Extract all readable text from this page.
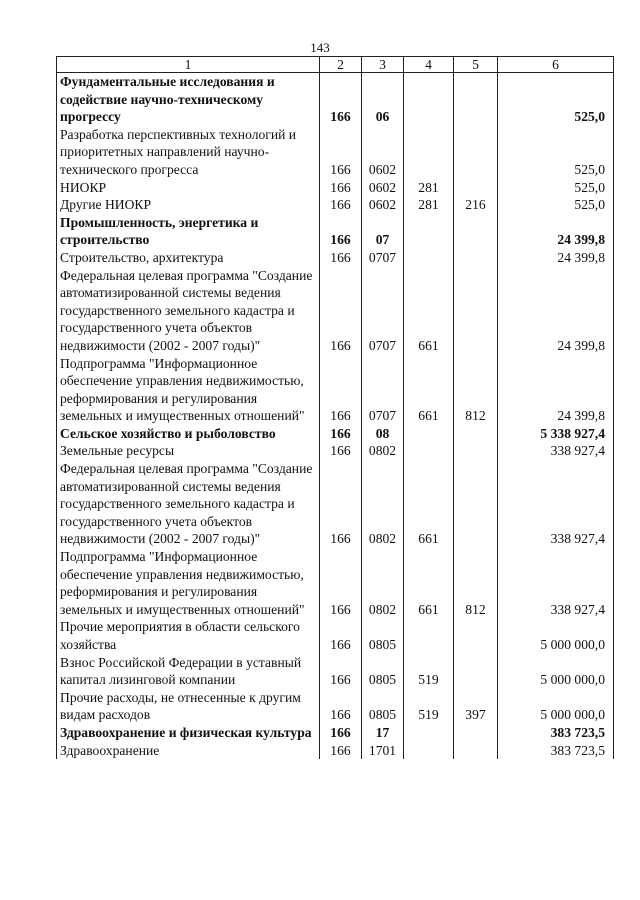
143
1	2	3	4	5	6
Фундаментальные исследования и содействие научно-техническому прогрессу	166	06			525,0
Разработка перспективных технологий и приоритетных направлений научно-технического прогресса	166	0602			525,0
НИОКР	166	0602	281		525,0
Другие НИОКР	166	0602	281	216	525,0
Промышленность, энергетика и строительство	166	07			24 399,8
Строительство, архитектура	166	0707			24 399,8
Федеральная целевая программа "Создание автоматизированной системы ведения государственного земельного кадастра и государственного учета объектов недвижимости (2002 - 2007 годы)"	166	0707	661		24 399,8
Подпрограмма "Информационное обеспечение управления недвижимостью, реформирования и регулирования земельных и имущественных отношений"	166	0707	661	812	24 399,8
Сельское хозяйство и рыболовство	166	08			5 338 927,4
Земельные ресурсы	166	0802			338 927,4
Федеральная целевая программа "Создание автоматизированной системы ведения государственного земельного кадастра и государственного учета объектов недвижимости (2002 - 2007 годы)"	166	0802	661		338 927,4
Подпрограмма "Информационное обеспечение управления недвижимостью, реформирования и регулирования земельных и имущественных отношений"	166	0802	661	812	338 927,4
Прочие мероприятия в области сельского хозяйства	166	0805			5 000 000,0
Взнос Российской Федерации в уставный капитал лизинговой компании	166	0805	519		5 000 000,0
Прочие расходы, не отнесенные к другим видам расходов	166	0805	519	397	5 000 000,0
Здравоохранение и физическая культура	166	17			383 723,5
Здравоохранение	166	1701			383 723,5
